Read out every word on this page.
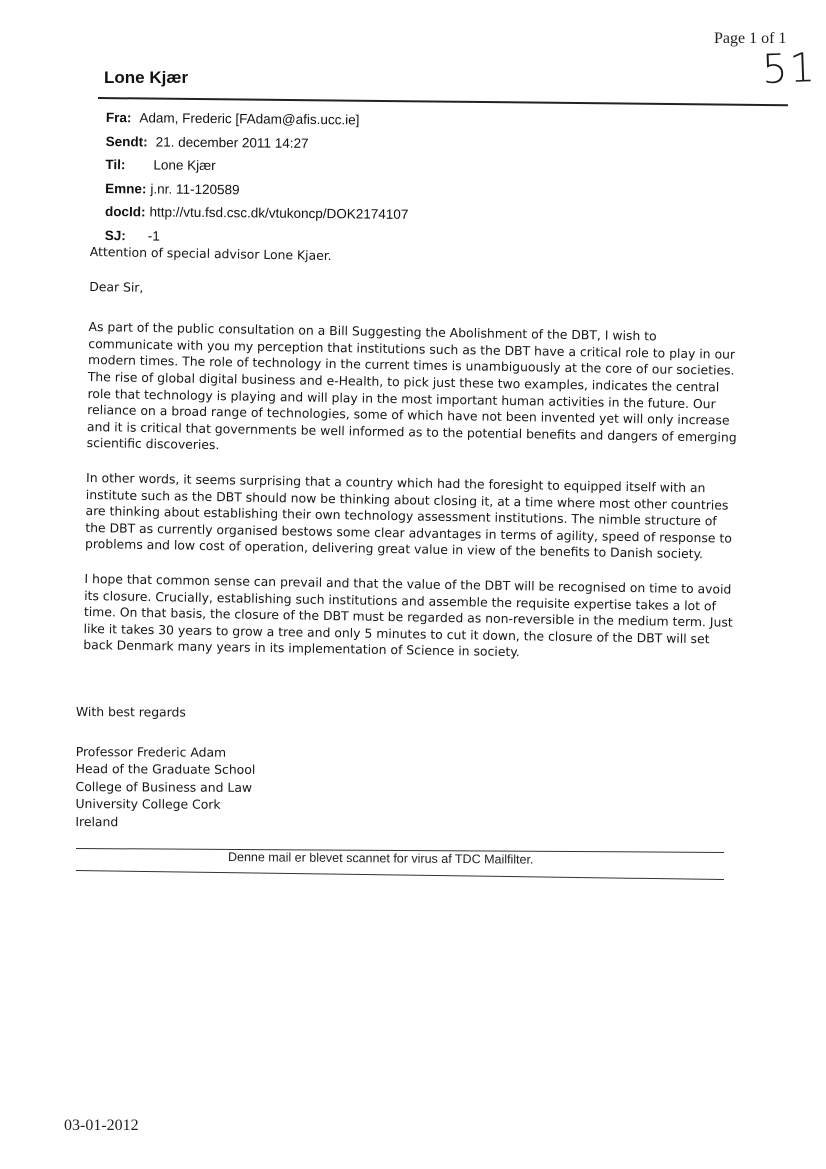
Page 1 of 1
51
Lone Kjær
Fra: Adam, Frederic [FAdam@afis.ucc.ie]
Sendt: 21. december 2011 14:27
Til: Lone Kjær
Emne: j.nr. 11-120589
docId: http://vtu.fsd.csc.dk/vtukoncp/DOK2174107
SJ: -1

Attention of special advisor Lone Kjaer.

Dear Sir,

As part of the public consultation on a Bill Suggesting the Abolishment of the DBT, I wish to communicate with you my perception that institutions such as the DBT have a critical role to play in our modern times. The role of technology in the current times is unambiguously at the core of our societies. The rise of global digital business and e-Health, to pick just these two examples, indicates the central role that technology is playing and will play in the most important human activities in the future. Our reliance on a broad range of technologies, some of which have not been invented yet will only increase and it is critical that governments be well informed as to the potential benefits and dangers of emerging scientific discoveries.

In other words, it seems surprising that a country which had the foresight to equipped itself with an institute such as the DBT should now be thinking about closing it, at a time where most other countries are thinking about establishing their own technology assessment institutions. The nimble structure of the DBT as currently organised bestows some clear advantages in terms of agility, speed of response to problems and low cost of operation, delivering great value in view of the benefits to Danish society.

I hope that common sense can prevail and that the value of the DBT will be recognised on time to avoid its closure. Crucially, establishing such institutions and assemble the requisite expertise takes a lot of time. On that basis, the closure of the DBT must be regarded as non-reversible in the medium term. Just like it takes 30 years to grow a tree and only 5 minutes to cut it down, the closure of the DBT will set back Denmark many years in its implementation of Science in society.

With best regards
Professor Frederic Adam
Head of the Graduate School
College of Business and Law
University College Cork
Ireland
Denne mail er blevet scannet for virus af TDC Mailfilter.
03-01-2012
